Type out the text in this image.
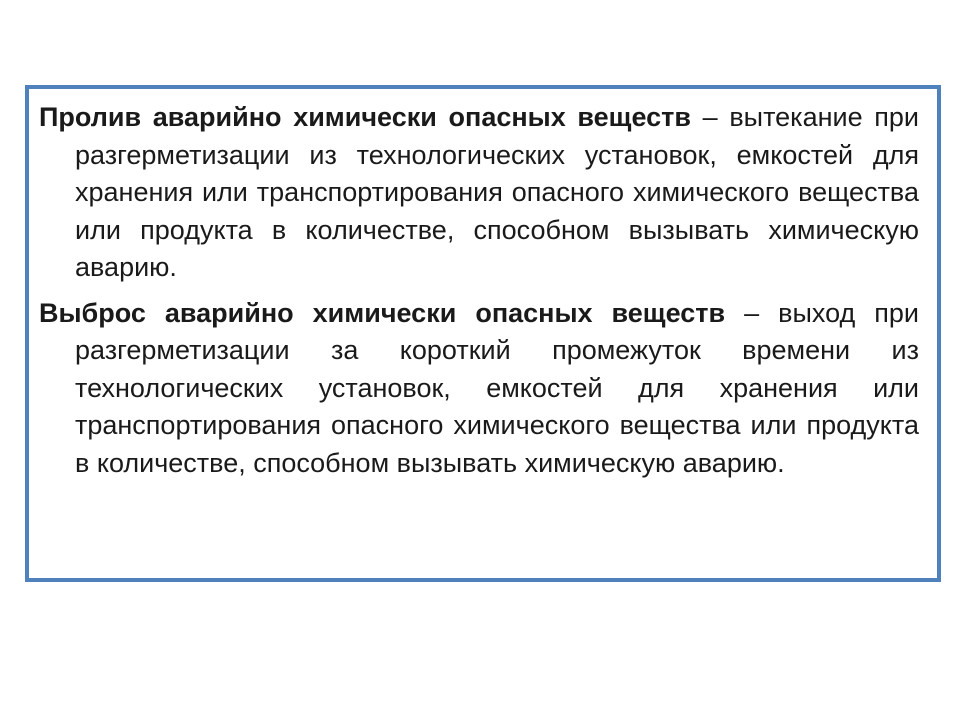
Пролив аварийно химически опасных веществ – вытекание при разгерметизации из технологических установок, емкостей для хранения или транспортирования опасного химического вещества или продукта в количестве, способном вызывать химическую аварию.

Выброс аварийно химически опасных веществ – выход при разгерметизации за короткий промежуток времени из технологических установок, емкостей для хранения или транспортирования опасного химического вещества или продукта в количестве, способном вызывать химическую аварию.
